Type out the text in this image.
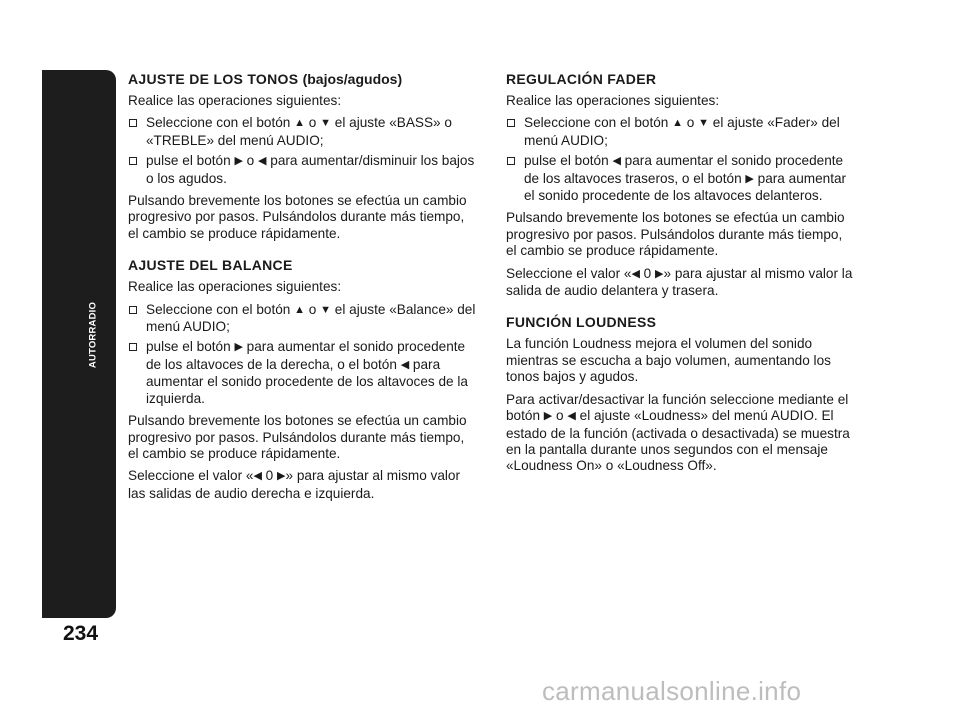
AUTORRADIO
234
AJUSTE DE LOS TONOS (bajos/agudos)

Realice las operaciones siguientes:

Seleccione con el botón ▲ o ▼ el ajuste «BASS» o «TREBLE» del menú AUDIO;
pulse el botón ▶ o ◀ para aumentar/disminuir los bajos o los agudos.

Pulsando brevemente los botones se efectúa un cambio progresivo por pasos. Pulsándolos durante más tiempo, el cambio se produce rápidamente.

AJUSTE DEL BALANCE

Realice las operaciones siguientes:

Seleccione con el botón ▲ o ▼ el ajuste «Balance» del menú AUDIO;
pulse el botón ▶ para aumentar el sonido procedente de los altavoces de la derecha, o el botón ◀ para aumentar el sonido procedente de los altavoces de la izquierda.

Pulsando brevemente los botones se efectúa un cambio progresivo por pasos. Pulsándolos durante más tiempo, el cambio se produce rápidamente.

Seleccione el valor «◀ 0 ▶» para ajustar al mismo valor las salidas de audio derecha e izquierda.

REGULACIÓN FADER

Realice las operaciones siguientes:

Seleccione con el botón ▲ o ▼ el ajuste «Fader» del menú AUDIO;
pulse el botón ◀ para aumentar el sonido procedente de los altavoces traseros, o el botón ▶ para aumentar el sonido procedente de los altavoces delanteros.

Pulsando brevemente los botones se efectúa un cambio progresivo por pasos. Pulsándolos durante más tiempo, el cambio se produce rápidamente.

Seleccione el valor «◀ 0 ▶» para ajustar al mismo valor la salida de audio delantera y trasera.

FUNCIÓN LOUDNESS

La función Loudness mejora el volumen del sonido mientras se escucha a bajo volumen, aumentando los tonos bajos y agudos.

Para activar/desactivar la función seleccione mediante el botón ▶ o ◀ el ajuste «Loudness» del menú AUDIO. El estado de la función (activada o desactivada) se muestra en la pantalla durante unos segundos con el mensaje «Loudness On» o «Loudness Off».

carmanualsonline.info
